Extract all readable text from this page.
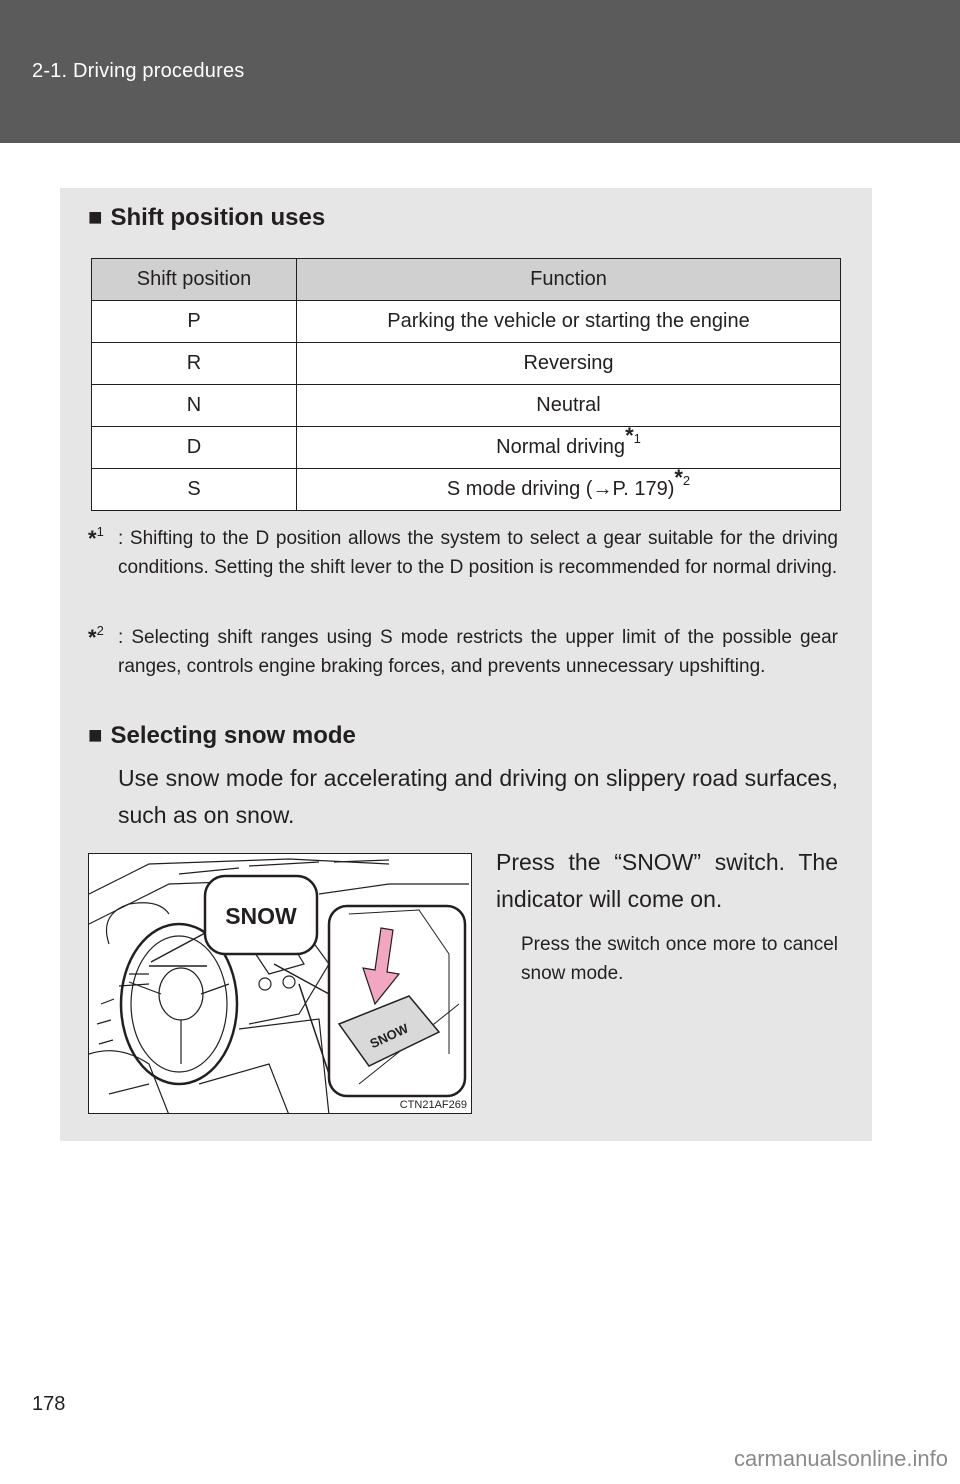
2-1. Driving procedures
■ Shift position uses
Shift position	Function
P	Parking the vehicle or starting the engine
R	Reversing
N	Neutral
D	Normal driving$^{*1}$
S	S mode driving (→P. 179)$^{*2}$
*$^1$ : Shifting to the D position allows the system to select a gear suitable for the driving conditions. Setting the shift lever to the D position is recommended for normal driving.
*$^2$ : Selecting shift ranges using S mode restricts the upper limit of the possible gear ranges, controls engine braking forces, and prevents unnecessary upshifting.
■ Selecting snow mode
Use snow mode for accelerating and driving on slippery road surfaces, such as on snow.
Press the “SNOW” switch. The indicator will come on.
Press the switch once more to cancel snow mode.
SNOW
SNOW
CTN21AF269
178
carmanualsonline.info
